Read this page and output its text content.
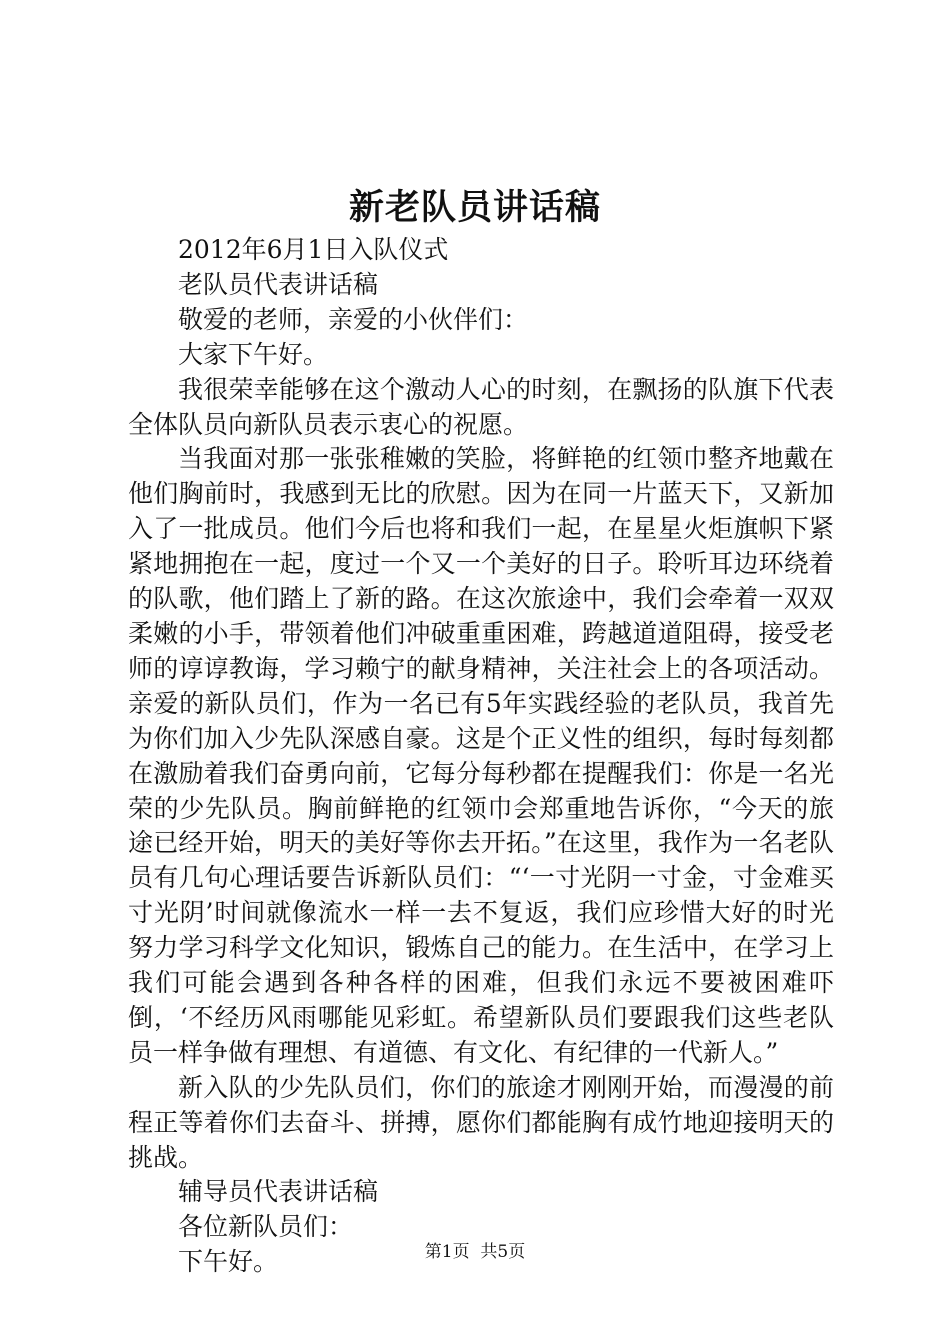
新老队员讲话稿

2012年6月1日入队仪式

老队员代表讲话稿

敬爱的老师，亲爱的小伙伴们：

大家下午好。

我很荣幸能够在这个激动人心的时刻，在飘扬的队旗下代表全体队员向新队员表示衷心的祝愿。

当我面对那一张张稚嫩的笑脸，将鲜艳的红领巾整齐地戴在他们胸前时，我感到无比的欣慰。因为在同一片蓝天下，又新加入了一批成员。他们今后也将和我们一起，在星星火炬旗帜下紧紧地拥抱在一起，度过一个又一个美好的日子。聆听耳边环绕着的队歌，他们踏上了新的路。在这次旅途中，我们会牵着一双双柔嫩的小手，带领着他们冲破重重困难，跨越道道阻碍，接受老师的谆谆教诲，学习赖宁的献身精神，关注社会上的各项活动。亲爱的新队员们，作为一名已有5年实践经验的老队员，我首先为你们加入少先队深感自豪。这是个正义性的组织，每时每刻都在激励着我们奋勇向前，它每分每秒都在提醒我们：你是一名光荣的少先队员。胸前鲜艳的红领巾会郑重地告诉你，“今天的旅途已经开始，明天的美好等你去开拓。”在这里，我作为一名老队员有几句心理话要告诉新队员们：“‘一寸光阴一寸金，寸金难买寸光阴’时间就像流水一样一去不复返，我们应珍惜大好的时光努力学习科学文化知识，锻炼自己的能力。在生活中，在学习上我们可能会遇到各种各样的困难，但我们永远不要被困难吓倒，‘不经历风雨哪能见彩虹。希望新队员们要跟我们这些老队员一样争做有理想、有道德、有文化、有纪律的一代新人。”

新入队的少先队员们，你们的旅途才刚刚开始，而漫漫的前程正等着你们去奋斗、拼搏，愿你们都能胸有成竹地迎接明天的挑战。

辅导员代表讲话稿

各位新队员们：

下午好。	第1页 共5页
